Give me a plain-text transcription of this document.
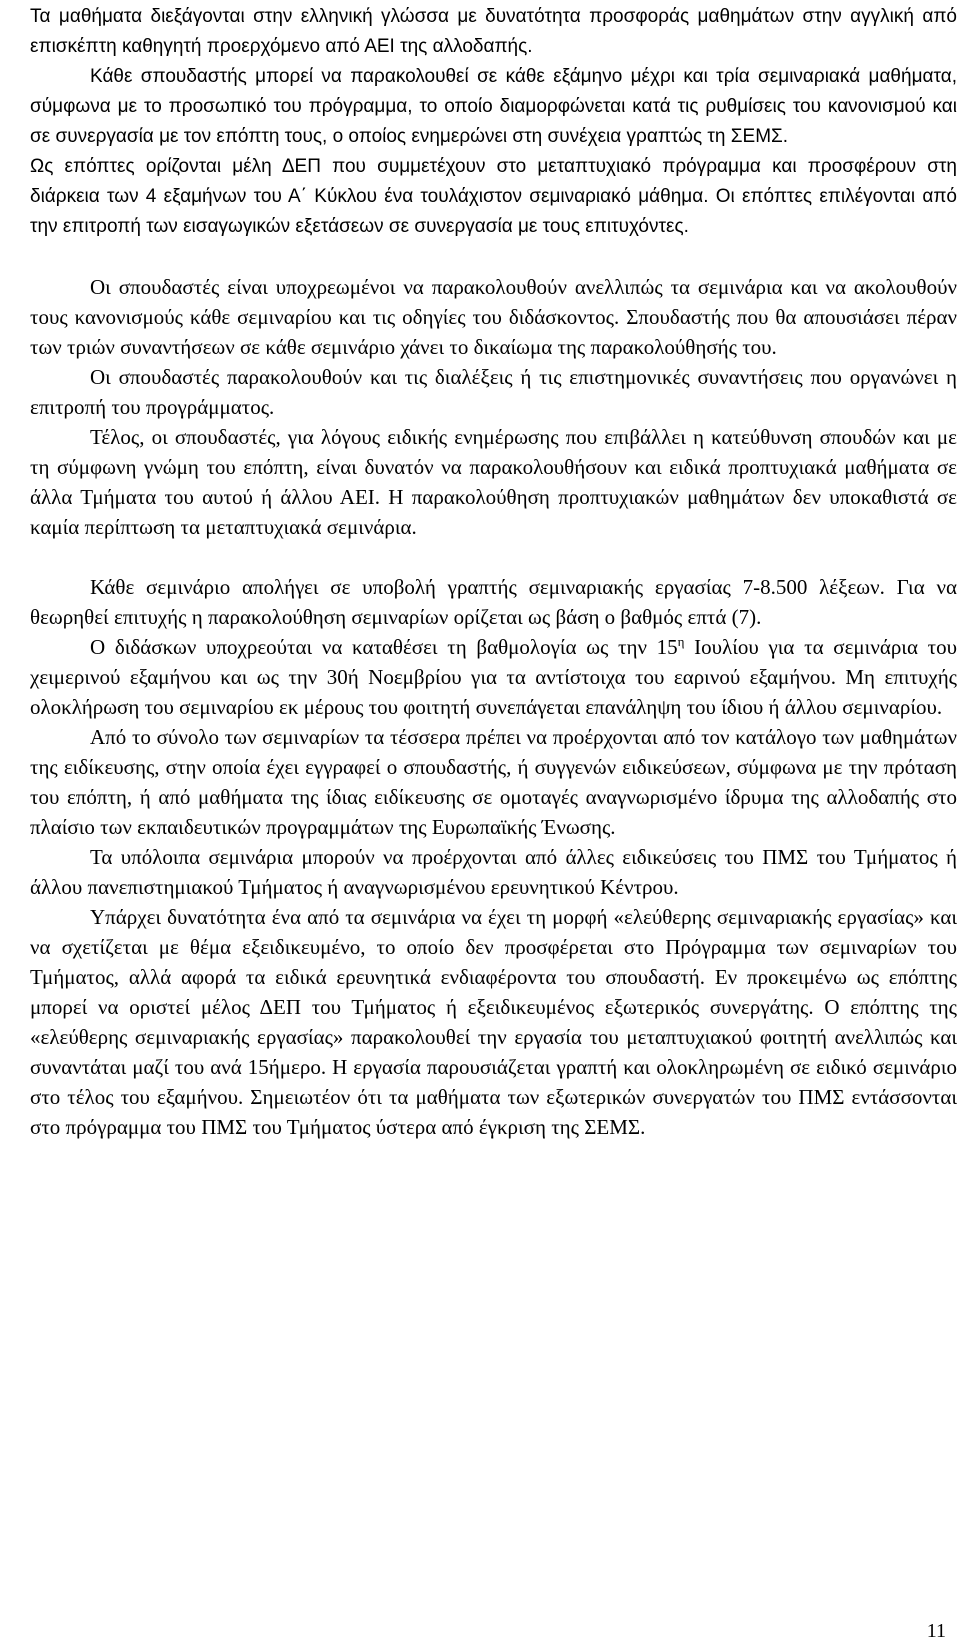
Τα μαθήματα διεξάγονται στην ελληνική γλώσσα με δυνατότητα προσφοράς μαθημάτων στην αγγλική από επισκέπτη καθηγητή προερχόμενο από ΑΕΙ της αλλοδαπής.

Κάθε σπουδαστής μπορεί να παρακολουθεί σε κάθε εξάμηνο μέχρι και τρία σεμιναριακά μαθήματα, σύμφωνα με το προσωπικό του πρόγραμμα, το οποίο διαμορφώνεται κατά τις ρυθμίσεις του κανονισμού και σε συνεργασία με τον επόπτη τους, ο οποίος ενημερώνει στη συνέχεια γραπτώς τη ΣΕΜΣ.

Ως επόπτες ορίζονται μέλη ΔΕΠ που συμμετέχουν στο μεταπτυχιακό πρόγραμμα και προσφέρουν στη διάρκεια των 4 εξαμήνων του Α΄ Κύκλου ένα τουλάχιστον σεμιναριακό μάθημα. Οι επόπτες επιλέγονται από την επιτροπή των εισαγωγικών εξετάσεων σε συνεργασία με τους επιτυχόντες.

Οι σπουδαστές είναι υποχρεωμένοι να παρακολουθούν ανελλιπώς τα σεμινάρια και να ακολουθούν τους κανονισμούς κάθε σεμιναρίου και τις οδηγίες του διδάσκοντος. Σπουδαστής που θα απουσιάσει πέραν των τριών συναντήσεων σε κάθε σεμινάριο χάνει το δικαίωμα της παρακολούθησής του.

Οι σπουδαστές παρακολουθούν και τις διαλέξεις ή τις επιστημονικές συναντήσεις που οργανώνει η επιτροπή του προγράμματος.

Τέλος, οι σπουδαστές, για λόγους ειδικής ενημέρωσης που επιβάλλει η κατεύθυνση σπουδών και με τη σύμφωνη γνώμη του επόπτη, είναι δυνατόν να παρακολουθήσουν και ειδικά προπτυχιακά μαθήματα σε άλλα Τμήματα του αυτού ή άλλου ΑΕΙ. Η παρακολούθηση προπτυχιακών μαθημάτων δεν υποκαθιστά σε καμία περίπτωση τα μεταπτυχιακά σεμινάρια.

Κάθε σεμινάριο απολήγει σε υποβολή γραπτής σεμιναριακής εργασίας 7-8.500 λέξεων. Για να θεωρηθεί επιτυχής η παρακολούθηση σεμιναρίων ορίζεται ως βάση ο βαθμός επτά (7).

Ο διδάσκων υποχρεούται να καταθέσει τη βαθμολογία ως την $15^\eta$ Ιουλίου για τα σεμινάρια του χειμερινού εξαμήνου και ως την 30ή Νοεμβρίου για τα αντίστοιχα του εαρινού εξαμήνου. Μη επιτυχής ολοκλήρωση του σεμιναρίου εκ μέρους του φοιτητή συνεπάγεται επανάληψη του ίδιου ή άλλου σεμιναρίου.

Από το σύνολο των σεμιναρίων τα τέσσερα πρέπει να προέρχονται από τον κατάλογο των μαθημάτων της ειδίκευσης, στην οποία έχει εγγραφεί ο σπουδαστής, ή συγγενών ειδικεύσεων, σύμφωνα με την πρόταση του επόπτη, ή από μαθήματα της ίδιας ειδίκευσης σε ομοταγές αναγνωρισμένο ίδρυμα της αλλοδαπής στο πλαίσιο των εκπαιδευτικών προγραμμάτων της Ευρωπαϊκής Ένωσης.

Τα υπόλοιπα σεμινάρια μπορούν να προέρχονται από άλλες ειδικεύσεις του ΠΜΣ του Τμήματος ή άλλου πανεπιστημιακού Τμήματος ή αναγνωρισμένου ερευνητικού Κέντρου.

Υπάρχει δυνατότητα ένα από τα σεμινάρια να έχει τη μορφή «ελεύθερης σεμιναριακής εργασίας» και να σχετίζεται με θέμα εξειδικευμένο, το οποίο δεν προσφέρεται στο Πρόγραμμα των σεμιναρίων του Τμήματος, αλλά αφορά τα ειδικά ερευνητικά ενδιαφέροντα του σπουδαστή. Εν προκειμένω ως επόπτης μπορεί να οριστεί μέλος ΔΕΠ του Τμήματος ή εξειδικευμένος εξωτερικός συνεργάτης. Ο επόπτης της «ελεύθερης σεμιναριακής εργασίας» παρακολουθεί την εργασία του μεταπτυχιακού φοιτητή ανελλιπώς και συναντάται μαζί του ανά 15ήμερο. Η εργασία παρουσιάζεται γραπτή και ολοκληρωμένη σε ειδικό σεμινάριο στο τέλος του εξαμήνου. Σημειωτέον ότι τα μαθήματα των εξωτερικών συνεργατών του ΠΜΣ εντάσσονται στο πρόγραμμα του ΠΜΣ του Τμήματος ύστερα από έγκριση της ΣΕΜΣ.

11
